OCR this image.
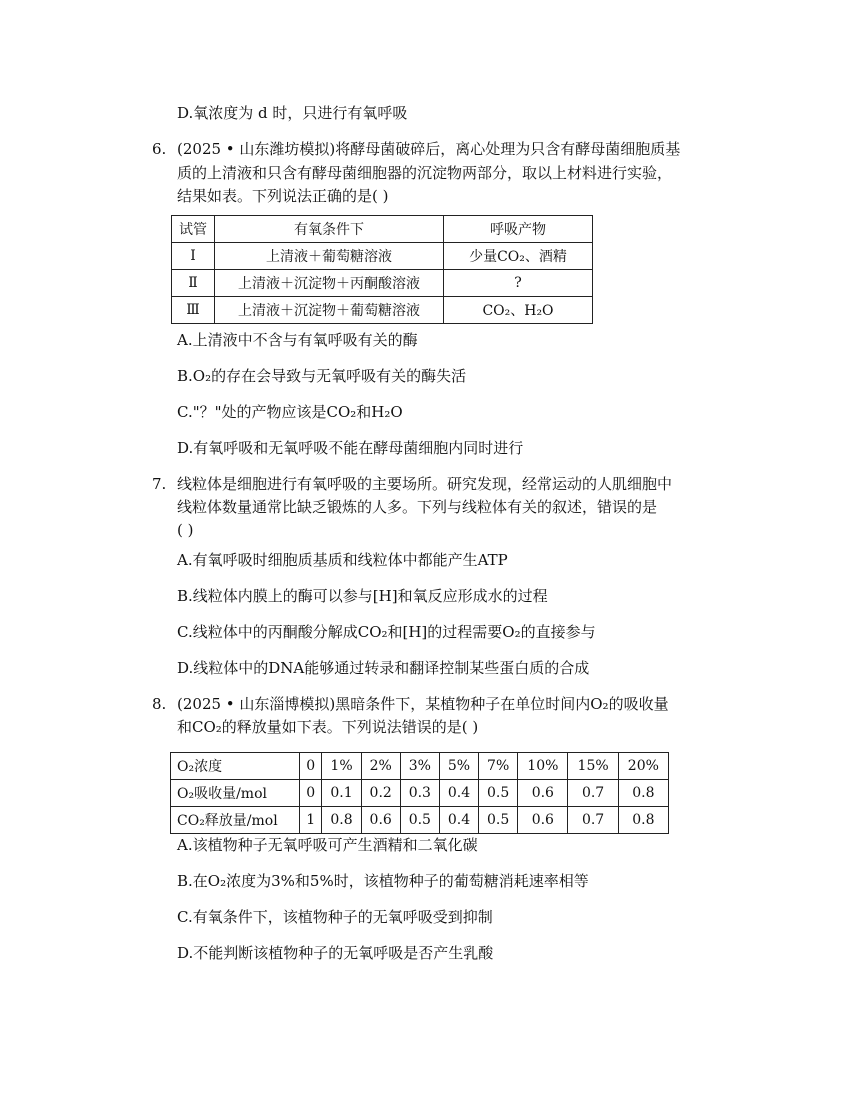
D.氧浓度为 d 时，只进行有氧呼吸
6. (2025 • 山东潍坊模拟)将酵母菌破碎后，离心处理为只含有酵母菌细胞质基
质的上清液和只含有酵母菌细胞器的沉淀物两部分，取以上材料进行实验，
结果如表。下列说法正确的是( )
试管	有氧条件下	呼吸产物
Ⅰ	上清液＋葡萄糖溶液	少量CO₂、酒精
Ⅱ	上清液＋沉淀物＋丙酮酸溶液	?
Ⅲ	上清液＋沉淀物＋葡萄糖溶液	CO₂、H₂O
A.上清液中不含与有氧呼吸有关的酶
B.O₂的存在会导致与无氧呼吸有关的酶失活
C."？"处的产物应该是CO₂和H₂O
D.有氧呼吸和无氧呼吸不能在酵母菌细胞内同时进行
7. 线粒体是细胞进行有氧呼吸的主要场所。研究发现，经常运动的人肌细胞中
线粒体数量通常比缺乏锻炼的人多。下列与线粒体有关的叙述，错误的是
( )
A.有氧呼吸时细胞质基质和线粒体中都能产生ATP
B.线粒体内膜上的酶可以参与[H]和氧反应形成水的过程
C.线粒体中的丙酮酸分解成CO₂和[H]的过程需要O₂的直接参与
D.线粒体中的DNA能够通过转录和翻译控制某些蛋白质的合成
8. (2025 • 山东淄博模拟)黑暗条件下，某植物种子在单位时间内O₂的吸收量
和CO₂的释放量如下表。下列说法错误的是( )
O₂浓度	0	1%	2%	3%	5%	7%	10%	15%	20%
O₂吸收量/mol	0	0.1	0.2	0.3	0.4	0.5	0.6	0.7	0.8
CO₂释放量/mol	1	0.8	0.6	0.5	0.4	0.5	0.6	0.7	0.8
A.该植物种子无氧呼吸可产生酒精和二氧化碳
B.在O₂浓度为3%和5%时，该植物种子的葡萄糖消耗速率相等
C.有氧条件下，该植物种子的无氧呼吸受到抑制
D.不能判断该植物种子的无氧呼吸是否产生乳酸
